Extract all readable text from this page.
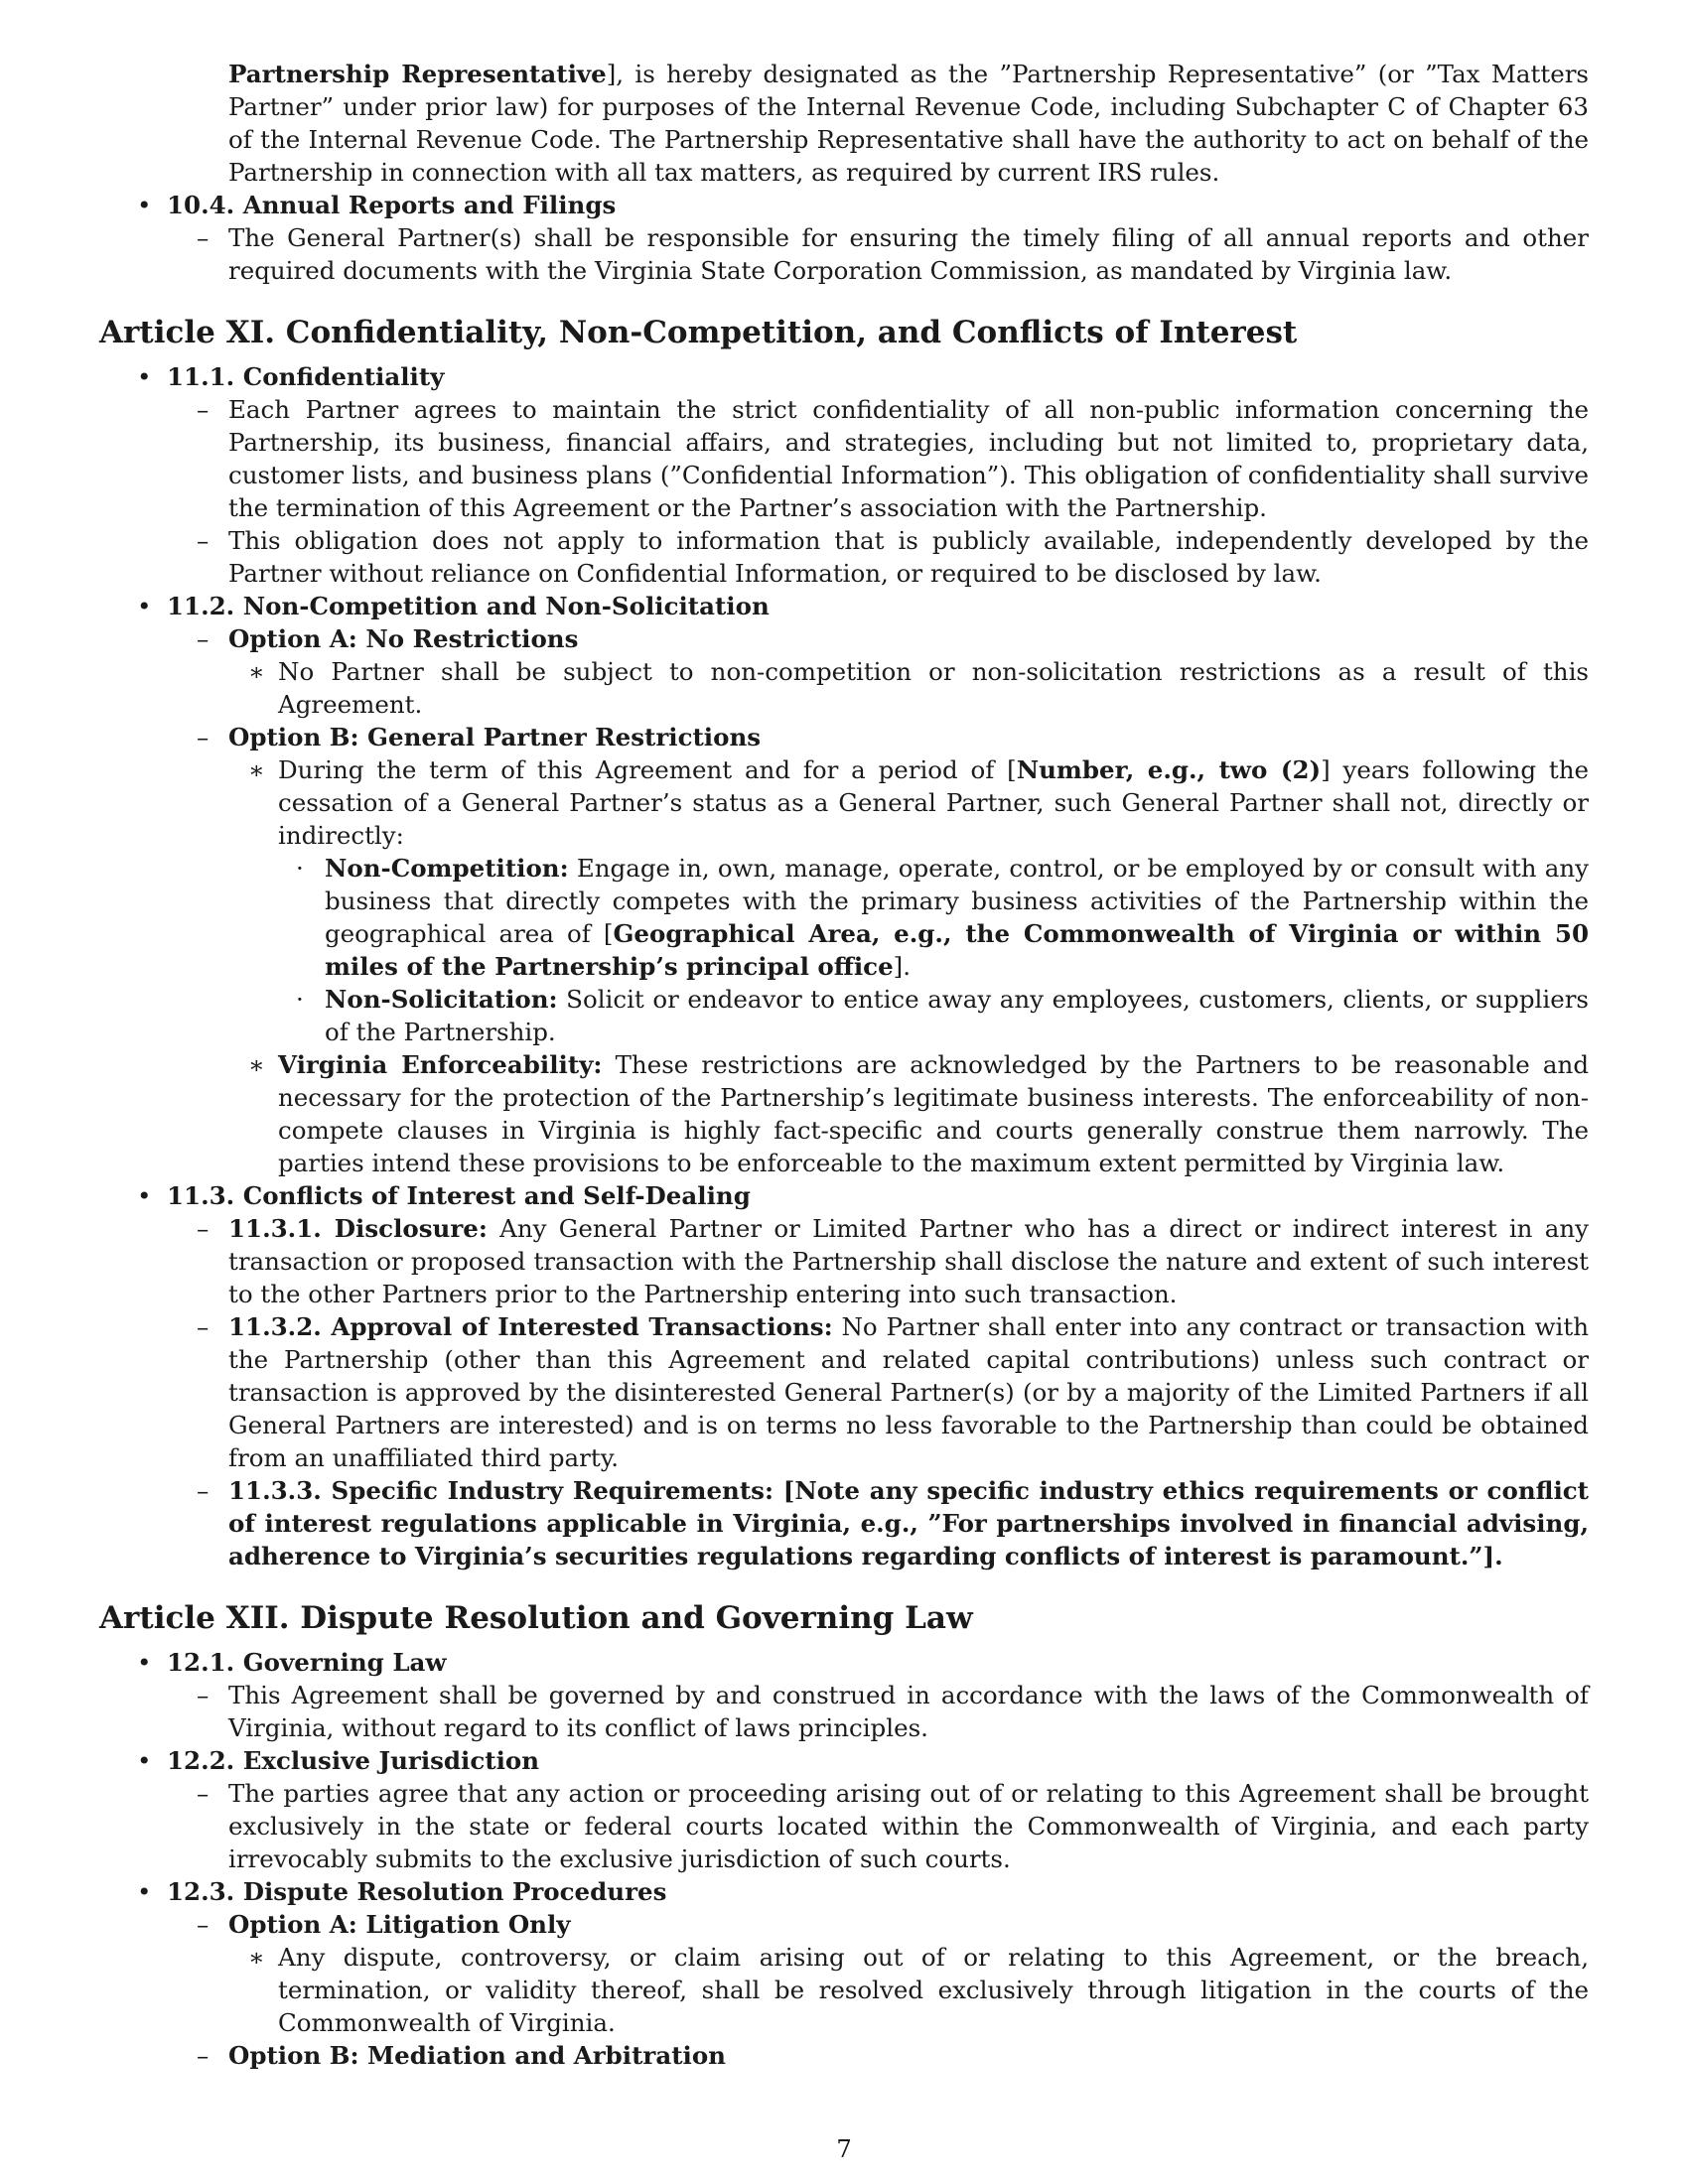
Partnership Representative], is hereby designated as the ”Partnership Representative” (or ”Tax Matters Partner” under prior law) for purposes of the Internal Revenue Code, including Subchapter C of Chapter 63 of the Internal Revenue Code. The Partnership Representative shall have the authority to act on behalf of the Partnership in connection with all tax matters, as required by current IRS rules.
• 10.4. Annual Reports and Filings
– The General Partner(s) shall be responsible for ensuring the timely filing of all annual reports and other required documents with the Virginia State Corporation Commission, as mandated by Virginia law.
Article XI. Confidentiality, Non-Competition, and Conflicts of Interest
• 11.1. Confidentiality
– Each Partner agrees to maintain the strict confidentiality of all non-public information concerning the Partnership, its business, financial affairs, and strategies, including but not limited to, proprietary data, customer lists, and business plans (”Confidential Information”). This obligation of confidentiality shall survive the termination of this Agreement or the Partner’s association with the Partnership.
– This obligation does not apply to information that is publicly available, independently developed by the Partner without reliance on Confidential Information, or required to be disclosed by law.
• 11.2. Non-Competition and Non-Solicitation
– Option A: No Restrictions
∗ No Partner shall be subject to non-competition or non-solicitation restrictions as a result of this Agreement.
– Option B: General Partner Restrictions
∗ During the term of this Agreement and for a period of [Number, e.g., two (2)] years following the cessation of a General Partner’s status as a General Partner, such General Partner shall not, directly or indirectly:
· Non-Competition: Engage in, own, manage, operate, control, or be employed by or consult with any business that directly competes with the primary business activities of the Partnership within the geographical area of [Geographical Area, e.g., the Commonwealth of Virginia or within 50 miles of the Partnership’s principal office].
· Non-Solicitation: Solicit or endeavor to entice away any employees, customers, clients, or suppliers of the Partnership.
∗ Virginia Enforceability: These restrictions are acknowledged by the Partners to be reasonable and necessary for the protection of the Partnership’s legitimate business interests. The enforceability of non-compete clauses in Virginia is highly fact-specific and courts generally construe them narrowly. The parties intend these provisions to be enforceable to the maximum extent permitted by Virginia law.
• 11.3. Conflicts of Interest and Self-Dealing
– 11.3.1. Disclosure: Any General Partner or Limited Partner who has a direct or indirect interest in any transaction or proposed transaction with the Partnership shall disclose the nature and extent of such interest to the other Partners prior to the Partnership entering into such transaction.
– 11.3.2. Approval of Interested Transactions: No Partner shall enter into any contract or transaction with the Partnership (other than this Agreement and related capital contributions) unless such contract or transaction is approved by the disinterested General Partner(s) (or by a majority of the Limited Partners if all General Partners are interested) and is on terms no less favorable to the Partnership than could be obtained from an unaffiliated third party.
– 11.3.3. Specific Industry Requirements: [Note any specific industry ethics requirements or conflict of interest regulations applicable in Virginia, e.g., ”For partnerships involved in financial advising, adherence to Virginia’s securities regulations regarding conflicts of interest is paramount.”].
Article XII. Dispute Resolution and Governing Law
• 12.1. Governing Law
– This Agreement shall be governed by and construed in accordance with the laws of the Commonwealth of Virginia, without regard to its conflict of laws principles.
• 12.2. Exclusive Jurisdiction
– The parties agree that any action or proceeding arising out of or relating to this Agreement shall be brought exclusively in the state or federal courts located within the Commonwealth of Virginia, and each party irrevocably submits to the exclusive jurisdiction of such courts.
• 12.3. Dispute Resolution Procedures
– Option A: Litigation Only
∗ Any dispute, controversy, or claim arising out of or relating to this Agreement, or the breach, termination, or validity thereof, shall be resolved exclusively through litigation in the courts of the Commonwealth of Virginia.
– Option B: Mediation and Arbitration
7
